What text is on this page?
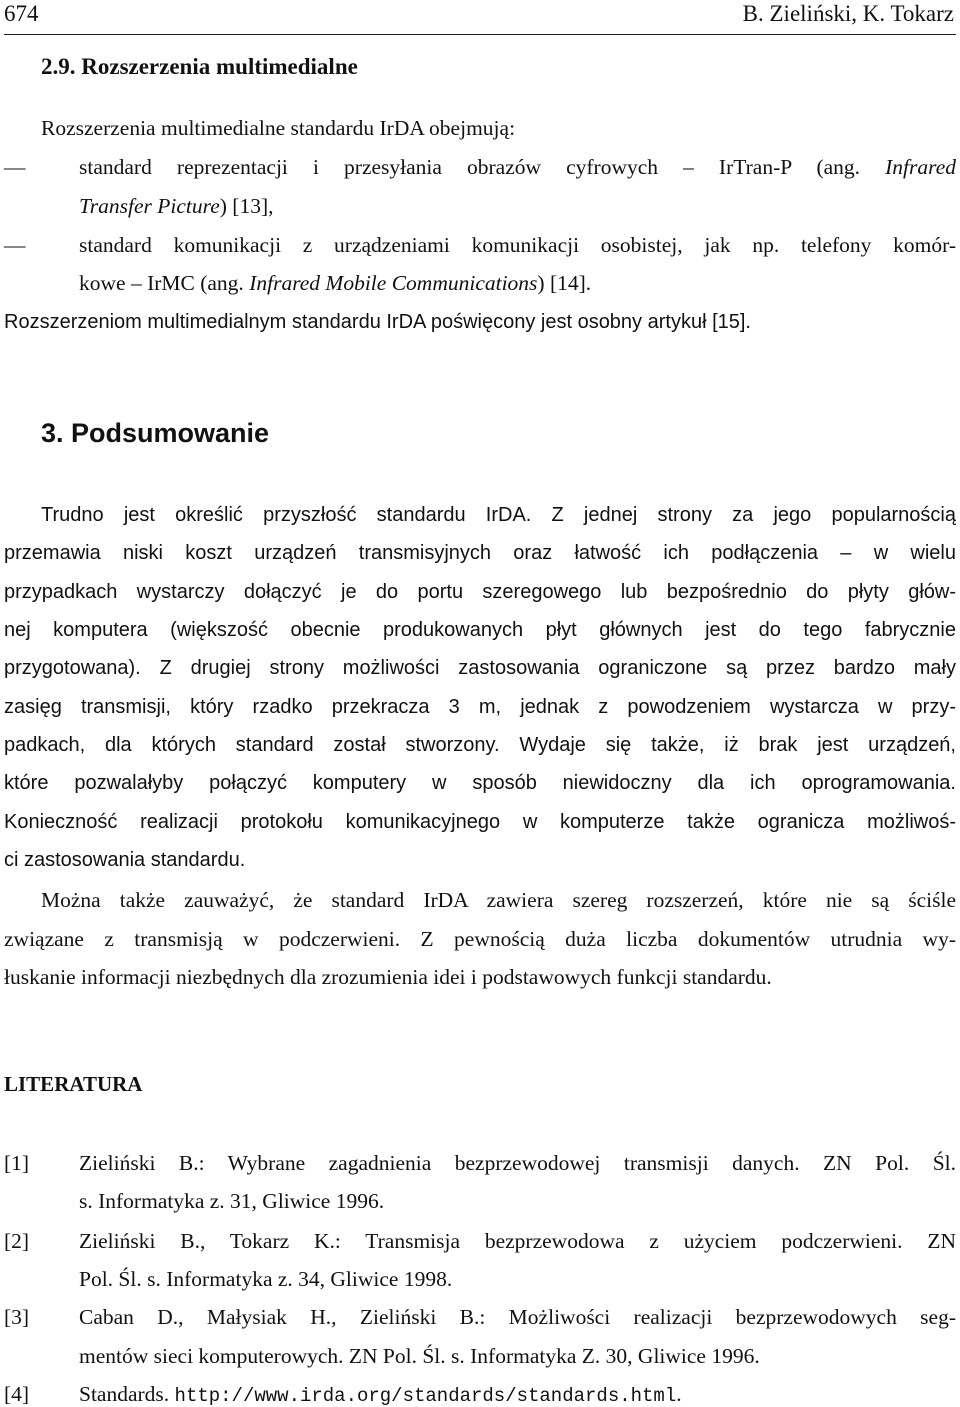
674	B. Zieliński, K. Tokarz
2.9. Rozszerzenia multimedialne
Rozszerzenia multimedialne standardu IrDA obejmują:
—	standard reprezentacji i przesyłania obrazów cyfrowych – IrTran-P (ang. Infrared
Transfer Picture) [13],
—	standard komunikacji z urządzeniami komunikacji osobistej, jak np. telefony komór-
kowe – IrMC (ang. Infrared Mobile Communications) [14].
Rozszerzeniom multimedialnym standardu IrDA poświęcony jest osobny artykuł [15].
3. Podsumowanie
Trudno jest określić przyszłość standardu IrDA. Z jednej strony za jego popularnością
przemawia niski koszt urządzeń transmisyjnych oraz łatwość ich podłączenia – w wielu
przypadkach wystarczy dołączyć je do portu szeregowego lub bezpośrednio do płyty głów-
nej komputera (większość obecnie produkowanych płyt głównych jest do tego fabrycznie
przygotowana). Z drugiej strony możliwości zastosowania ograniczone są przez bardzo mały
zasięg transmisji, który rzadko przekracza 3 m, jednak z powodzeniem wystarcza w przy-
padkach, dla których standard został stworzony. Wydaje się także, iż brak jest urządzeń,
które pozwalałyby połączyć komputery w sposób niewidoczny dla ich oprogramowania.
Konieczność realizacji protokołu komunikacyjnego w komputerze także ogranicza możliwoś-
ci zastosowania standardu.
Można także zauważyć, że standard IrDA zawiera szereg rozszerzeń, które nie są ściśle
związane z transmisją w podczerwieni. Z pewnością duża liczba dokumentów utrudnia wy-
łuskanie informacji niezbędnych dla zrozumienia idei i podstawowych funkcji standardu.
LITERATURA
[1] Zieliński B.: Wybrane zagadnienia bezprzewodowej transmisji danych. ZN Pol. Śl.
s. Informatyka z. 31, Gliwice 1996.
[2] Zieliński B., Tokarz K.: Transmisja bezprzewodowa z użyciem podczerwieni. ZN
Pol. Śl. s. Informatyka z. 34, Gliwice 1998.
[3] Caban D., Małysiak H., Zieliński B.: Możliwości realizacji bezprzewodowych seg-
mentów sieci komputerowych. ZN Pol. Śl. s. Informatyka Z. 30, Gliwice 1996.
[4] Standards. http://www.irda.org/standards/standards.html.
